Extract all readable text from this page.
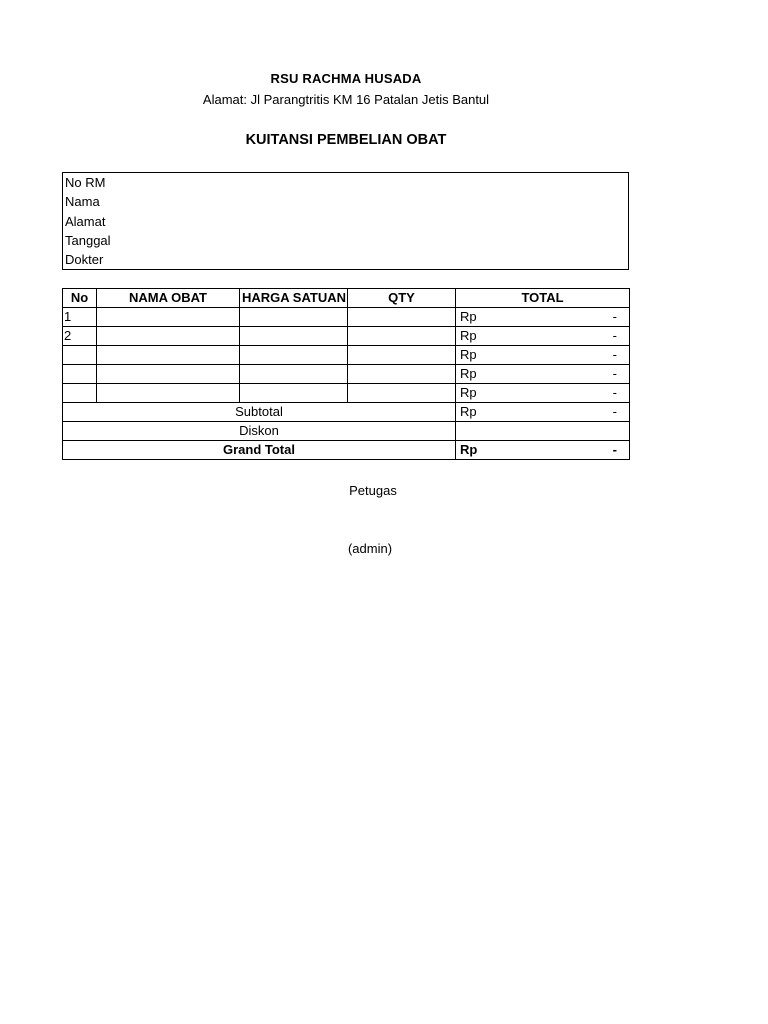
RSU RACHMA HUSADA
Alamat: Jl Parangtritis KM 16 Patalan Jetis Bantul
KUITANSI PEMBELIAN OBAT
No RM
Nama
Alamat
Tanggal
Dokter
No	NAMA OBAT	HARGA SATUAN	QTY	TOTAL
1				Rp -

2				Rp -

				Rp -

				Rp -

				Rp -

Subtotal				Rp -

Diskon				
Grand Total				Rp -
Petugas
(admin)
